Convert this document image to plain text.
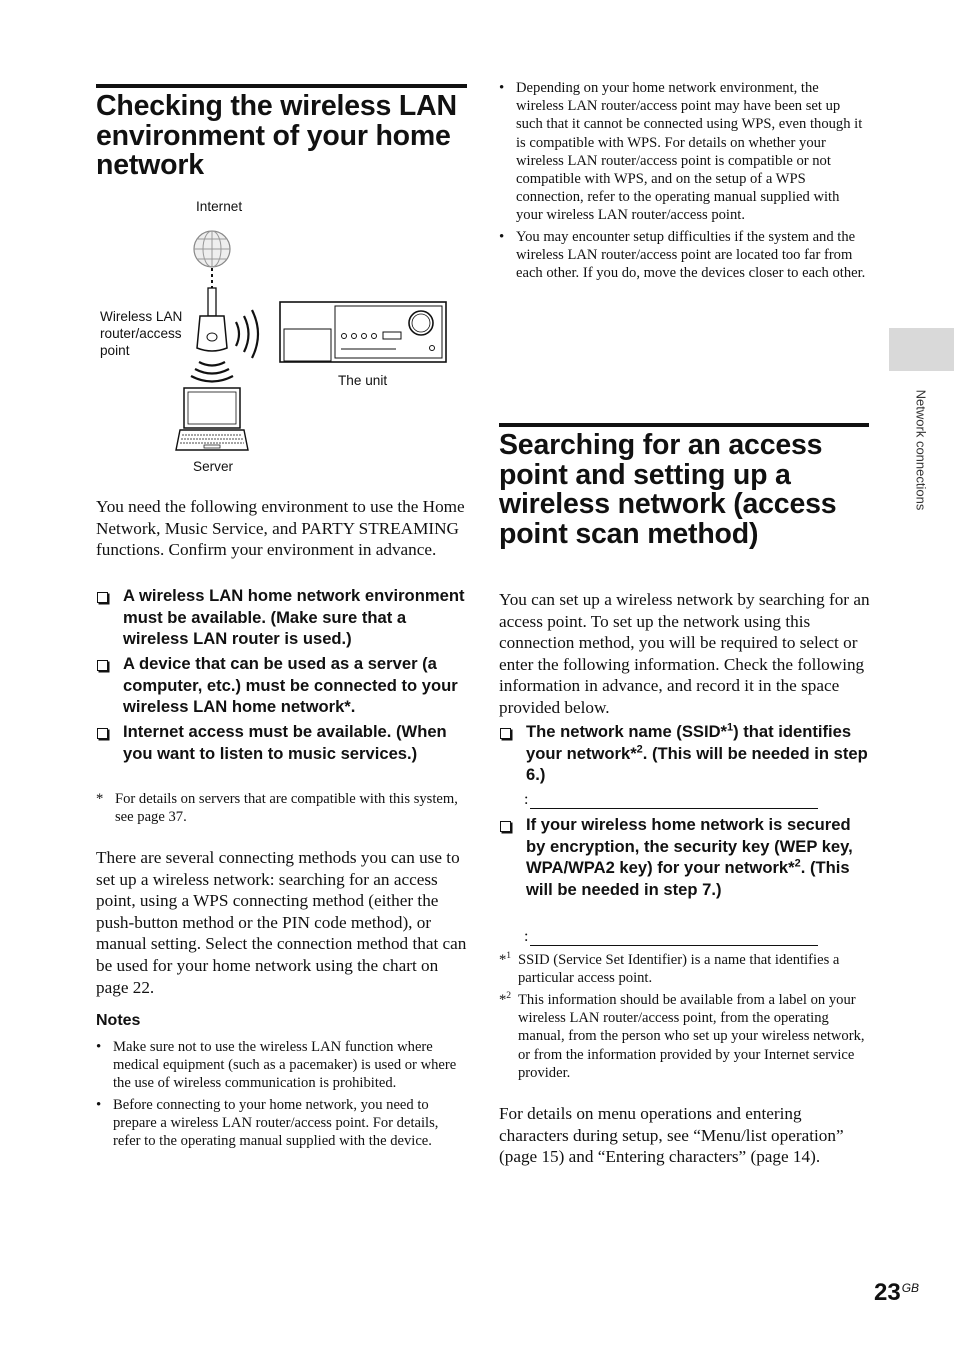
Checking the wireless LAN environment of your home network
Internet
Wireless LAN router/access point
The unit
Server

You need the following environment to use the Home Network, Music Service, and PARTY STREAMING functions. Confirm your environment in advance.

A wireless LAN home network environment must be available. (Make sure that a wireless LAN router is used.)
A device that can be used as a server (a computer, etc.) must be connected to your wireless LAN home network*.
Internet access must be available. (When you want to listen to music services.)
* For details on servers that are compatible with this system, see page 37.

There are several connecting methods you can use to set up a wireless network: searching for an access point, using a WPS connecting method (either the push-button method or the PIN code method), or manual setting. Select the connection method that can be used for your home network using the chart on page 22.

Notes
• Make sure not to use the wireless LAN function where medical equipment (such as a pacemaker) is used or where the use of wireless communication is prohibited.
• Before connecting to your home network, you need to prepare a wireless LAN router/access point. For details, refer to the operating manual supplied with the device.
• Depending on your home network environment, the wireless LAN router/access point may have been set up such that it cannot be connected using WPS, even though it is compatible with WPS. For details on whether your wireless LAN router/access point is compatible or not compatible with WPS, and on the setup of a WPS connection, refer to the operating manual supplied with your wireless LAN router/access point.
• You may encounter setup difficulties if the system and the wireless LAN router/access point are located too far from each other. If you do, move the devices closer to each other.
Searching for an access point and setting up a wireless network (access point scan method)

You can set up a wireless network by searching for an access point. To set up the network using this connection method, you will be required to select or enter the following information. Check the following information in advance, and record it in the space provided below.

The network name (SSID*$^1$) that identifies your network*$^2$. (This will be needed in step 6.)
:
If your wireless home network is secured by encryption, the security key (WEP key, WPA/WPA2 key) for your network*$^2$. (This will be needed in step 7.)
:
*$^1$ SSID (Service Set Identifier) is a name that identifies a particular access point.
*$^2$ This information should be available from a label on your wireless LAN router/access point, from the operating manual, from the person who set up your wireless network, or from the information provided by your Internet service provider.

For details on menu operations and entering characters during setup, see “Menu/list operation” (page 15) and “Entering characters” (page 14).

Network connections
$23^{GB}$
